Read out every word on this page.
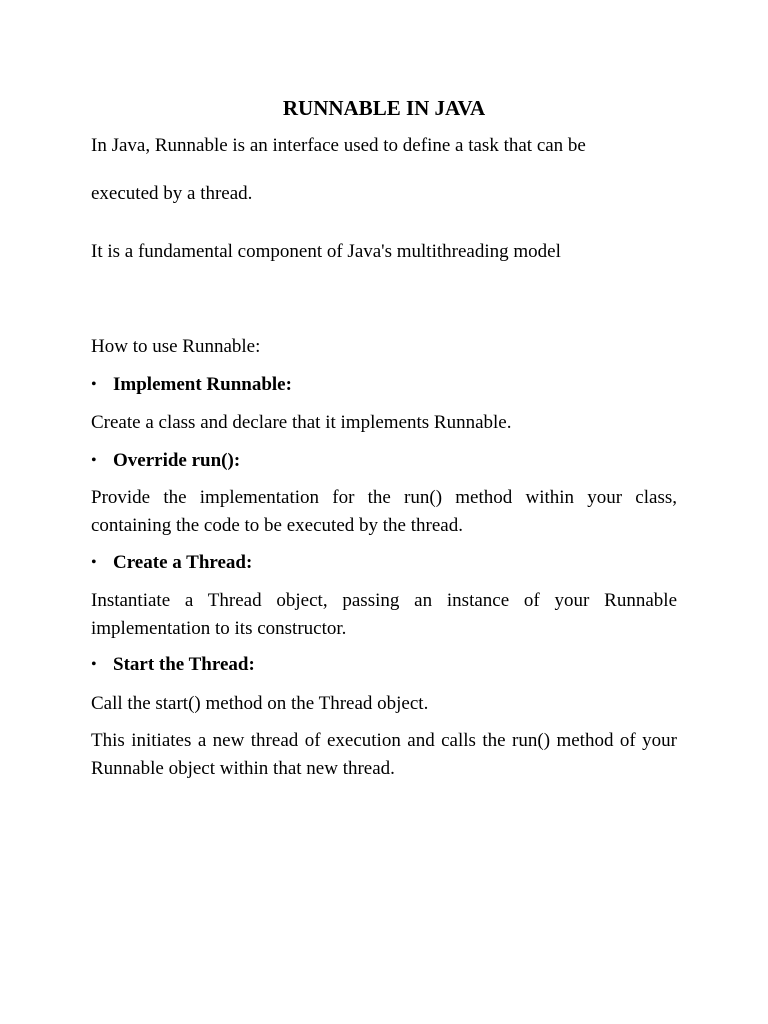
RUNNABLE IN JAVA

In Java, Runnable is an interface used to define a task that can be

executed by a thread.

It is a fundamental component of Java's multithreading model

How to use Runnable:

• Implement Runnable:

Create a class and declare that it implements Runnable.

• Override run():

Provide the implementation for the run() method within your class, containing the code to be executed by the thread.

• Create a Thread:

Instantiate a Thread object, passing an instance of your Runnable implementation to its constructor.

• Start the Thread:

Call the start() method on the Thread object.

This initiates a new thread of execution and calls the run() method of your Runnable object within that new thread.
